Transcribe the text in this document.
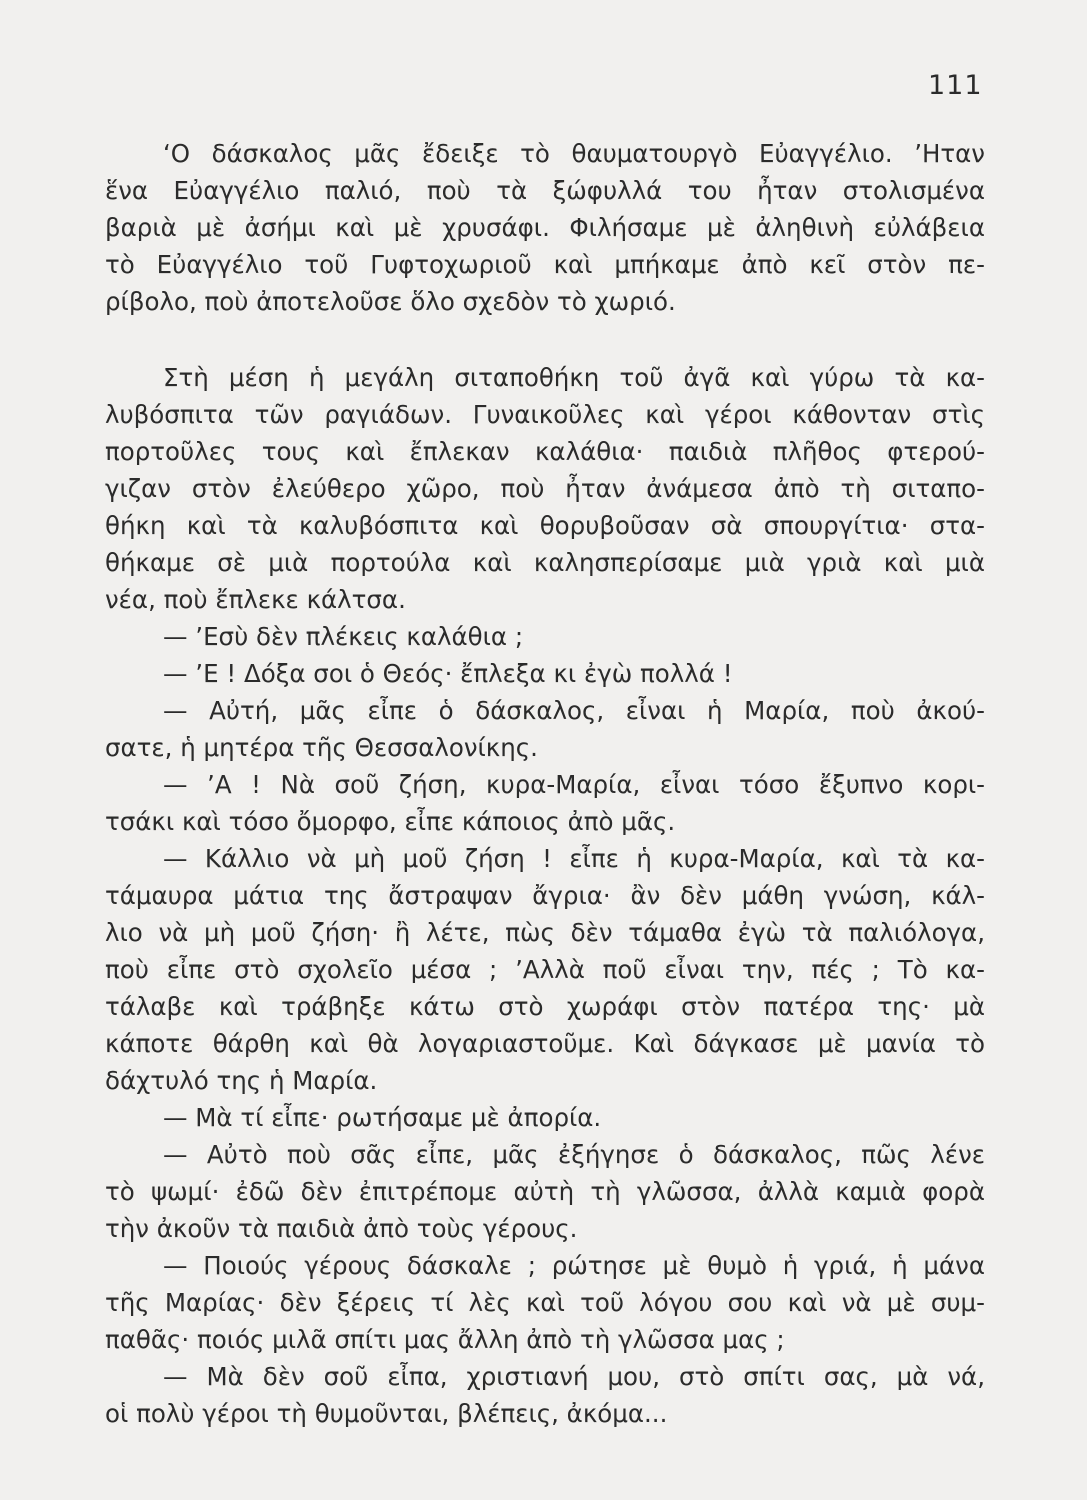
111
‘Ο δάσκαλος μᾶς ἔδειξε τὸ θαυματουργὸ Εὐαγγέλιο. ’Ηταν
ἕνα Εὐαγγέλιο παλιό, ποὺ τὰ ξώφυλλά του ἦταν στολισμένα
βαριὰ μὲ ἀσήμι καὶ μὲ χρυσάφι. Φιλήσαμε μὲ ἀληθινὴ εὐλάβεια
τὸ Εὐαγγέλιο τοῦ Γυφτοχωριοῦ καὶ μπήκαμε ἀπὸ κεῖ στὸν πε-
ρίβολο, ποὺ ἀποτελοῦσε ὅλο σχεδὸν τὸ χωριό.
Στὴ μέση ἡ μεγάλη σιταποθήκη τοῦ ἀγᾶ καὶ γύρω τὰ κα-
λυβόσπιτα τῶν ραγιάδων. Γυναικοῦλες καὶ γέροι κάθονταν στὶς
πορτοῦλες τους καὶ ἔπλεκαν καλάθια· παιδιὰ πλῆθος φτερού-
γιζαν στὸν ἐλεύθερο χῶρο, ποὺ ἦταν ἀνάμεσα ἀπὸ τὴ σιταπο-
θήκη καὶ τὰ καλυβόσπιτα καὶ θορυβοῦσαν σὰ σπουργίτια· στα-
θήκαμε σὲ μιὰ πορτούλα καὶ καλησπερίσαμε μιὰ γριὰ καὶ μιὰ
νέα, ποὺ ἔπλεκε κάλτσα.
— ’Εσὺ δὲν πλέκεις καλάθια ;
— ’Ε ! Δόξα σοι ὁ Θεός· ἔπλεξα κι ἐγὼ πολλά !
— Αὐτή, μᾶς εἶπε ὁ δάσκαλος, εἶναι ἡ Μαρία, ποὺ ἀκού-
σατε, ἡ μητέρα τῆς Θεσσαλονίκης.
— ’Α ! Νὰ σοῦ ζήση, κυρα-Μαρία, εἶναι τόσο ἔξυπνο κορι-
τσάκι καὶ τόσο ὄμορφο, εἶπε κάποιος ἀπὸ μᾶς.
— Κάλλιο νὰ μὴ μοῦ ζήση ! εἶπε ἡ κυρα-Μαρία, καὶ τὰ κα-
τάμαυρα μάτια της ἄστραψαν ἄγρια· ἂν δὲν μάθη γνώση, κάλ-
λιο νὰ μὴ μοῦ ζήση· ἢ λέτε, πὼς δὲν τάμαθα ἐγὼ τὰ παλιόλογα,
ποὺ εἶπε στὸ σχολεῖο μέσα ; ’Αλλὰ ποῦ εἶναι την, πές ; Τὸ κα-
τάλαβε καὶ τράβηξε κάτω στὸ χωράφι στὸν πατέρα της· μὰ
κάποτε θάρθη καὶ θὰ λογαριαστοῦμε. Καὶ δάγκασε μὲ μανία τὸ
δάχτυλό της ἡ Μαρία.
— Μὰ τί εἶπε· ρωτήσαμε μὲ ἀπορία.
— Αὐτὸ ποὺ σᾶς εἶπε, μᾶς ἐξήγησε ὁ δάσκαλος, πῶς λένε
τὸ ψωμί· ἐδῶ δὲν ἐπιτρέπομε αὐτὴ τὴ γλῶσσα, ἀλλὰ καμιὰ φορὰ
τὴν ἀκοῦν τὰ παιδιὰ ἀπὸ τοὺς γέρους.
— Ποιούς γέρους δάσκαλε ; ρώτησε μὲ θυμὸ ἡ γριά, ἡ μάνα
τῆς Μαρίας· δὲν ξέρεις τί λὲς καὶ τοῦ λόγου σου καὶ νὰ μὲ συμ-
παθᾶς· ποιός μιλᾶ σπίτι μας ἄλλη ἀπὸ τὴ γλῶσσα μας ;
— Μὰ δὲν σοῦ εἶπα, χριστιανή μου, στὸ σπίτι σας, μὰ νά,
οἱ πολὺ γέροι τὴ θυμοῦνται, βλέπεις, ἀκόμα...
